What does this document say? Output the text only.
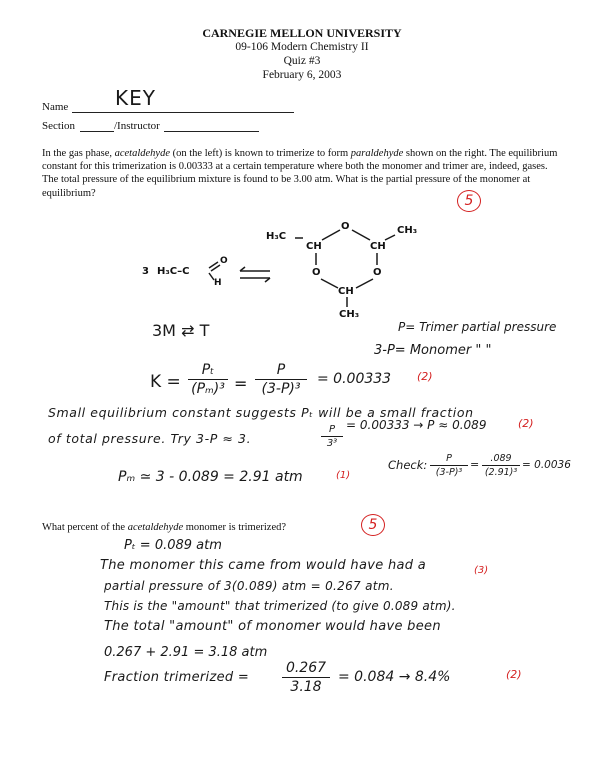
CARNEGIE MELLON UNIVERSITY
09-106 Modern Chemistry II
Quiz #3
February 6, 2003
Name KEY
Section	/Instructor
In the gas phase, acetaldehyde (on the left) is known to trimerize to form paraldehyde shown on the right. The equilibrium constant for this trimerization is 0.00333 at a certain temperature where both the monomer and trimer are, indeed, gases. The total pressure of the equilibrium mixture is found to be 3.00 atm. What is the partial pressure of the monomer at equilibrium?	5
3 H₃C–C
O
H
O	CH₃
H₃C
CH	CH
O	O
CH
CH₃
3M ⇄ T	P= Trimer partial pressure
3-P= Monomer " "
K =
Pₜ
(Pₘ)³ =
P
(3-P)³
= 0.00333 (2)
Small equilibrium constant suggests Pₜ will be a small fraction
of total pressure. Try 3-P ≈ 3.
P
3³
= 0.00333 → P ≈ 0.089	(2)
Pₘ ≃ 3 - 0.089 = 2.91 atm	(1)
Check:	P
(3-P)³
=	.089
(2.91)³
= 0.0036
What percent of the acetaldehyde monomer is trimerized?	5
Pₜ = 0.089 atm
The monomer this came from would have had a
partial pressure of 3(0.089) atm = 0.267 atm.
(3)
This is the "amount" that trimerized (to give 0.089 atm).
The total "amount" of monomer would have been
0.267 + 2.91 = 3.18 atm
Fraction trimerized =
0.267
3.18
= 0.084 → 8.4%	(2)
